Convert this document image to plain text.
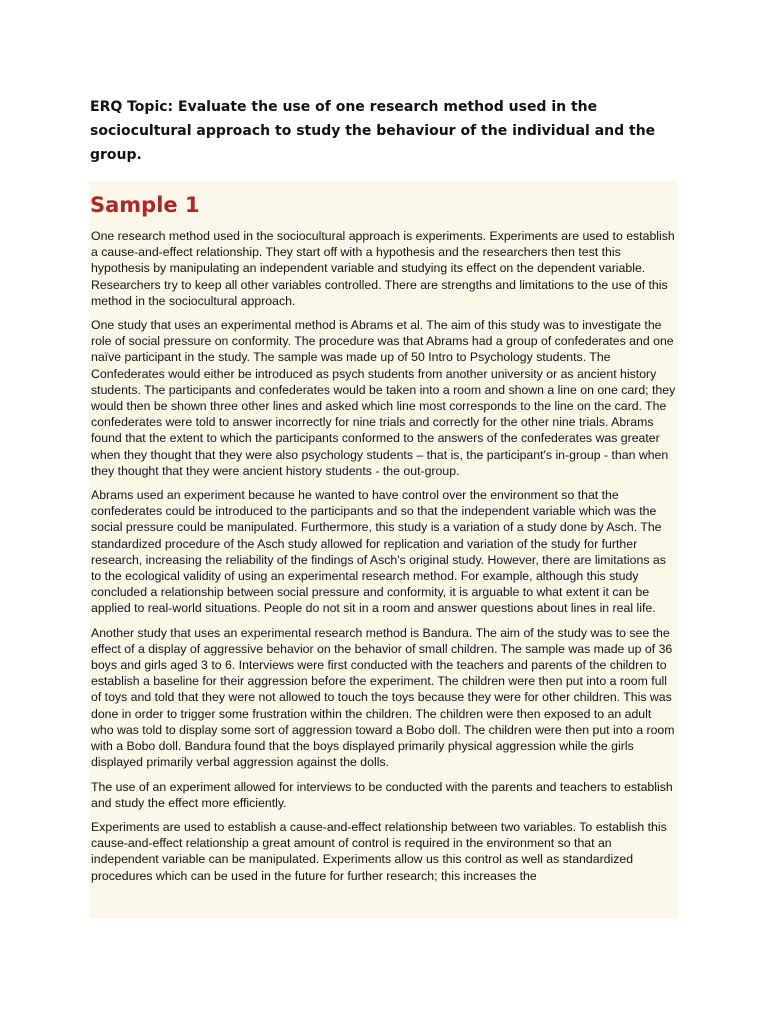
ERQ Topic: Evaluate the use of one research method used in the sociocultural approach to study the behaviour of the individual and the group.
Sample 1

One research method used in the sociocultural approach is experiments. Experiments are used to establish a cause-and-effect relationship. They start off with a hypothesis and the researchers then test this hypothesis by manipulating an independent variable and studying its effect on the dependent variable. Researchers try to keep all other variables controlled. There are strengths and limitations to the use of this method in the sociocultural approach.

One study that uses an experimental method is Abrams et al. The aim of this study was to investigate the role of social pressure on conformity. The procedure was that Abrams had a group of confederates and one naïve participant in the study. The sample was made up of 50 Intro to Psychology students. The Confederates would either be introduced as psych students from another university or as ancient history students. The participants and confederates would be taken into a room and shown a line on one card; they would then be shown three other lines and asked which line most corresponds to the line on the card. The confederates were told to answer incorrectly for nine trials and correctly for the other nine trials. Abrams found that the extent to which the participants conformed to the answers of the confederates was greater when they thought that they were also psychology students – that is, the participant's in-group - than when they thought that they were ancient history students - the out-group.

Abrams used an experiment because he wanted to have control over the environment so that the confederates could be introduced to the participants and so that the independent variable which was the social pressure could be manipulated. Furthermore, this study is a variation of a study done by Asch. The standardized procedure of the Asch study allowed for replication and variation of the study for further research, increasing the reliability of the findings of Asch's original study. However, there are limitations as to the ecological validity of using an experimental research method. For example, although this study concluded a relationship between social pressure and conformity, it is arguable to what extent it can be applied to real-world situations. People do not sit in a room and answer questions about lines in real life.

Another study that uses an experimental research method is Bandura. The aim of the study was to see the effect of a display of aggressive behavior on the behavior of small children. The sample was made up of 36 boys and girls aged 3 to 6. Interviews were first conducted with the teachers and parents of the children to establish a baseline for their aggression before the experiment. The children were then put into a room full of toys and told that they were not allowed to touch the toys because they were for other children. This was done in order to trigger some frustration within the children. The children were then exposed to an adult who was told to display some sort of aggression toward a Bobo doll. The children were then put into a room with a Bobo doll. Bandura found that the boys displayed primarily physical aggression while the girls displayed primarily verbal aggression against the dolls.

The use of an experiment allowed for interviews to be conducted with the parents and teachers to establish and study the effect more efficiently.

Experiments are used to establish a cause-and-effect relationship between two variables. To establish this cause-and-effect relationship a great amount of control is required in the environment so that an independent variable can be manipulated. Experiments allow us this control as well as standardized procedures which can be used in the future for further research; this increases the
